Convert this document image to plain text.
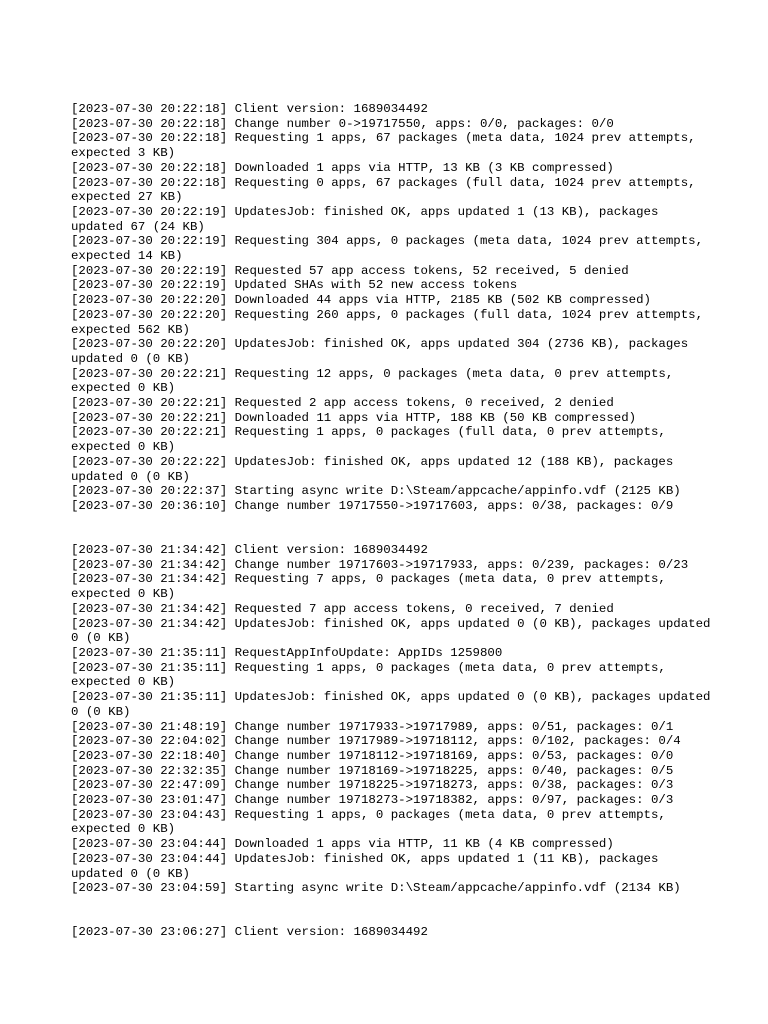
[2023-07-30 20:22:18] Client version: 1689034492
[2023-07-30 20:22:18] Change number 0->19717550, apps: 0/0, packages: 0/0
[2023-07-30 20:22:18] Requesting 1 apps, 67 packages (meta data, 1024 prev attempts, expected 3 KB)
[2023-07-30 20:22:18] Downloaded 1 apps via HTTP, 13 KB (3 KB compressed)
[2023-07-30 20:22:18] Requesting 0 apps, 67 packages (full data, 1024 prev attempts, expected 27 KB)
[2023-07-30 20:22:19] UpdatesJob: finished OK, apps updated 1 (13 KB), packages updated 67 (24 KB)
[2023-07-30 20:22:19] Requesting 304 apps, 0 packages (meta data, 1024 prev attempts, expected 14 KB)
[2023-07-30 20:22:19] Requested 57 app access tokens, 52 received, 5 denied
[2023-07-30 20:22:19] Updated SHAs with 52 new access tokens
[2023-07-30 20:22:20] Downloaded 44 apps via HTTP, 2185 KB (502 KB compressed)
[2023-07-30 20:22:20] Requesting 260 apps, 0 packages (full data, 1024 prev attempts, expected 562 KB)
[2023-07-30 20:22:20] UpdatesJob: finished OK, apps updated 304 (2736 KB), packages updated 0 (0 KB)
[2023-07-30 20:22:21] Requesting 12 apps, 0 packages (meta data, 0 prev attempts, expected 0 KB)
[2023-07-30 20:22:21] Requested 2 app access tokens, 0 received, 2 denied
[2023-07-30 20:22:21] Downloaded 11 apps via HTTP, 188 KB (50 KB compressed)
[2023-07-30 20:22:21] Requesting 1 apps, 0 packages (full data, 0 prev attempts, expected 0 KB)
[2023-07-30 20:22:22] UpdatesJob: finished OK, apps updated 12 (188 KB), packages updated 0 (0 KB)
[2023-07-30 20:22:37] Starting async write D:\Steam/appcache/appinfo.vdf (2125 KB)
[2023-07-30 20:36:10] Change number 19717550->19717603, apps: 0/38, packages: 0/9
[2023-07-30 21:34:42] Client version: 1689034492
[2023-07-30 21:34:42] Change number 19717603->19717933, apps: 0/239, packages: 0/23
[2023-07-30 21:34:42] Requesting 7 apps, 0 packages (meta data, 0 prev attempts, expected 0 KB)
[2023-07-30 21:34:42] Requested 7 app access tokens, 0 received, 7 denied
[2023-07-30 21:34:42] UpdatesJob: finished OK, apps updated 0 (0 KB), packages updated 0 (0 KB)
[2023-07-30 21:35:11] RequestAppInfoUpdate: AppIDs 1259800
[2023-07-30 21:35:11] Requesting 1 apps, 0 packages (meta data, 0 prev attempts, expected 0 KB)
[2023-07-30 21:35:11] UpdatesJob: finished OK, apps updated 0 (0 KB), packages updated 0 (0 KB)
[2023-07-30 21:48:19] Change number 19717933->19717989, apps: 0/51, packages: 0/1
[2023-07-30 22:04:02] Change number 19717989->19718112, apps: 0/102, packages: 0/4
[2023-07-30 22:18:40] Change number 19718112->19718169, apps: 0/53, packages: 0/0
[2023-07-30 22:32:35] Change number 19718169->19718225, apps: 0/40, packages: 0/5
[2023-07-30 22:47:09] Change number 19718225->19718273, apps: 0/38, packages: 0/3
[2023-07-30 23:01:47] Change number 19718273->19718382, apps: 0/97, packages: 0/3
[2023-07-30 23:04:43] Requesting 1 apps, 0 packages (meta data, 0 prev attempts, expected 0 KB)
[2023-07-30 23:04:44] Downloaded 1 apps via HTTP, 11 KB (4 KB compressed)
[2023-07-30 23:04:44] UpdatesJob: finished OK, apps updated 1 (11 KB), packages updated 0 (0 KB)
[2023-07-30 23:04:59] Starting async write D:\Steam/appcache/appinfo.vdf (2134 KB)
[2023-07-30 23:06:27] Client version: 1689034492
